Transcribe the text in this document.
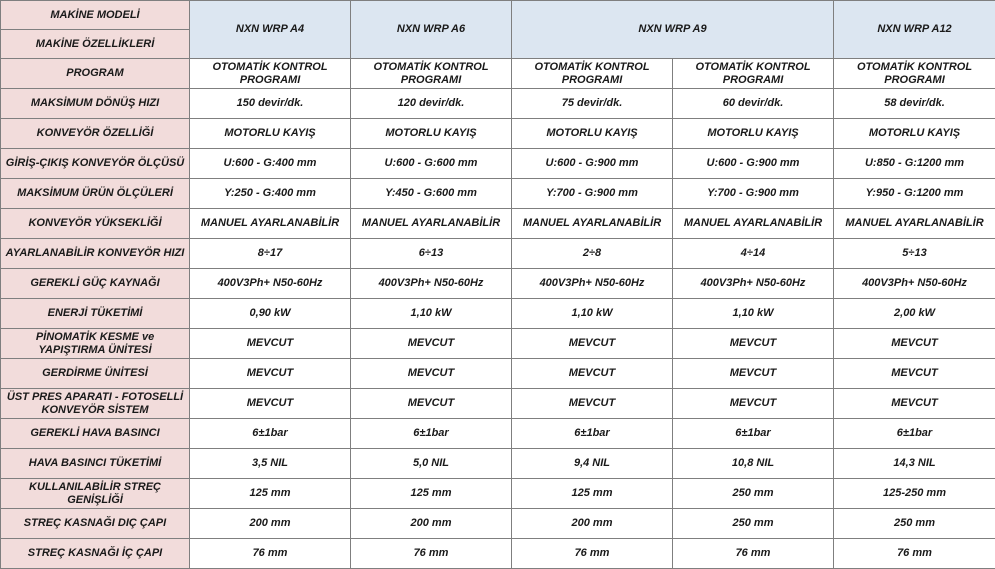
MAKİNE MODELİ	NXN WRP A4	NXN WRP A6	NXN WRP A9		NXN WRP A12
MAKİNE ÖZELLİKLERİ					
PROGRAM	OTOMATİK KONTROL PROGRAMI	OTOMATİK KONTROL PROGRAMI	OTOMATİK KONTROL PROGRAMI	OTOMATİK KONTROL PROGRAMI	OTOMATİK KONTROL PROGRAMI
MAKSİMUM DÖNÜŞ HIZI	150 devir/dk.	120 devir/dk.	75 devir/dk.	60 devir/dk.	58 devir/dk.
KONVEYÖR ÖZELLİĞİ	MOTORLU KAYIŞ	MOTORLU KAYIŞ	MOTORLU KAYIŞ	MOTORLU KAYIŞ	MOTORLU KAYIŞ
GİRİŞ-ÇIKIŞ KONVEYÖR ÖLÇÜSÜ	U:600 - G:400 mm	U:600 - G:600 mm	U:600 - G:900 mm	U:600 - G:900 mm	U:850 - G:1200 mm
MAKSİMUM ÜRÜN ÖLÇÜLERİ	Y:250 - G:400 mm	Y:450 - G:600 mm	Y:700 - G:900 mm	Y:700 - G:900 mm	Y:950 - G:1200 mm
KONVEYÖR YÜKSEKLİĞİ	MANUEL AYARLANABİLİR	MANUEL AYARLANABİLİR	MANUEL AYARLANABİLİR	MANUEL AYARLANABİLİR	MANUEL AYARLANABİLİR
AYARLANABİLİR KONVEYÖR HIZI	8÷17	6÷13	2÷8	4÷14	5÷13
GEREKLİ GÜÇ KAYNAĞI	400V3Ph+ N50-60Hz	400V3Ph+ N50-60Hz	400V3Ph+ N50-60Hz	400V3Ph+ N50-60Hz	400V3Ph+ N50-60Hz
ENERJİ TÜKETİMİ	0,90 kW	1,10 kW	1,10 kW	1,10 kW	2,00 kW
PİNOMATİK KESME ve YAPIŞTIRMA ÜNİTESİ	MEVCUT	MEVCUT	MEVCUT	MEVCUT	MEVCUT
GERDİRME ÜNİTESİ	MEVCUT	MEVCUT	MEVCUT	MEVCUT	MEVCUT
ÜST PRES APARATI - FOTOSELLİ KONVEYÖR SİSTEM	MEVCUT	MEVCUT	MEVCUT	MEVCUT	MEVCUT
GEREKLİ HAVA BASINCI	6±1bar	6±1bar	6±1bar	6±1bar	6±1bar
HAVA BASINCI TÜKETİMİ	3,5 NIL	5,0 NIL	9,4 NIL	10,8 NIL	14,3 NIL
KULLANILABİLİR STREÇ GENİŞLİĞİ	125 mm	125 mm	125 mm	250 mm	125-250 mm
STREÇ KASNAĞI DIÇ ÇAPI	200 mm	200 mm	200 mm	250 mm	250 mm
STREÇ KASNAĞI İÇ ÇAPI	76 mm	76 mm	76 mm	76 mm	76 mm
